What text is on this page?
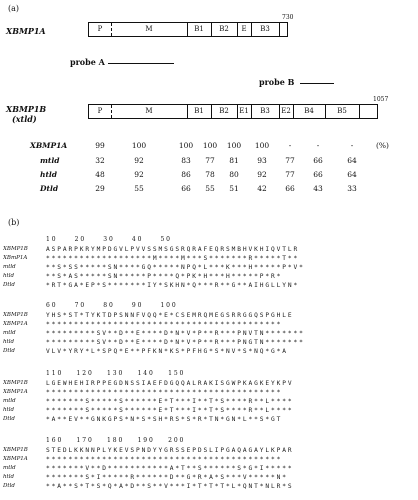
(a)
XBMP1A
730
P	M	B1	B2	E	B3
probe A
probe B
XBMP1B
(xtld)
1057
P	M	B1	B2	E1	B3	E2	B4	B5
XBMP1A	99	100	100	100	100	100	-	-	-	(%)
mtld	32	92	83	77	81	93	77	66	64
htld	48	92	86	78	80	92	77	66	64
Dtld	29	55	66	55	51	42	66	43	33
(b)
1 0          2 0          3 0          4 0          5 0
XBMP1B	ASPARPKRYMPDGVLPVVSSMSGSRQRAFEQRSMBHVKHIQVTLR
XBmP1A	*******************M****M***S*******R*****T**
mtld	**S*SS*****SN****GQ*****NPQ*L***K***H*****P*V*
htld	**S*AS*****SN*****P****Q*PK*H***H*****P*R*
Dtld	*RT*GA*EP*S*******IY*SKHN*Q***R**G**AIHGLLYN*
6 0          7 0          8 0          9 0          1 0 0
XBMP1B	YHS*ST*TYKTDPSNNFVQQ*E*CSEMRQMEGSRRGGQSPGHLE
XBMP1A	******************************************
mtld	*********SV**D**E****D*N*V*P**R***PNVTN*******
htld	*********SV**D**E****D*N*V*P**R***PNGTN*******
Dtld	VLV*YRY*L*SPQ*E**PFKN*KS*PFHG*S*NV*S*NQ*G*A
1 1 0        1 2 0        1 3 0        1 4 0        1 5 0
XBMP1B	LGEWHEHIRPPEGDNSSIAEFDGQQALRAKISGWPKAGKEYKPV
XBMP1A	******************************************
mtld	*******S*****S******E*T***I**T*S****R**L****
htld	*******S*****S******E*T***I**T*S****R**L****
Dtld	*A**EV**GNKGPS*N*S*SH*RS*S*R*TN*GN*L**S*GT
1 6 0        1 7 0        1 8 0        1 9 0        2 0 0
XBMP1B	STEDLKKNNPLYKEVSPNDYYGRSSEPDSLIPGAQAGAYLKPAR
XBMP1A	******************************************
mtld	*******V**D***********A*T**S******S*G*I*****
htld	*******S*I*****R******D**G*R*A*S***V*****N*
Dtld	**A**S*T*S*Q*A*D**S**V***I*T*T*T*L*QNT*NLR*S
